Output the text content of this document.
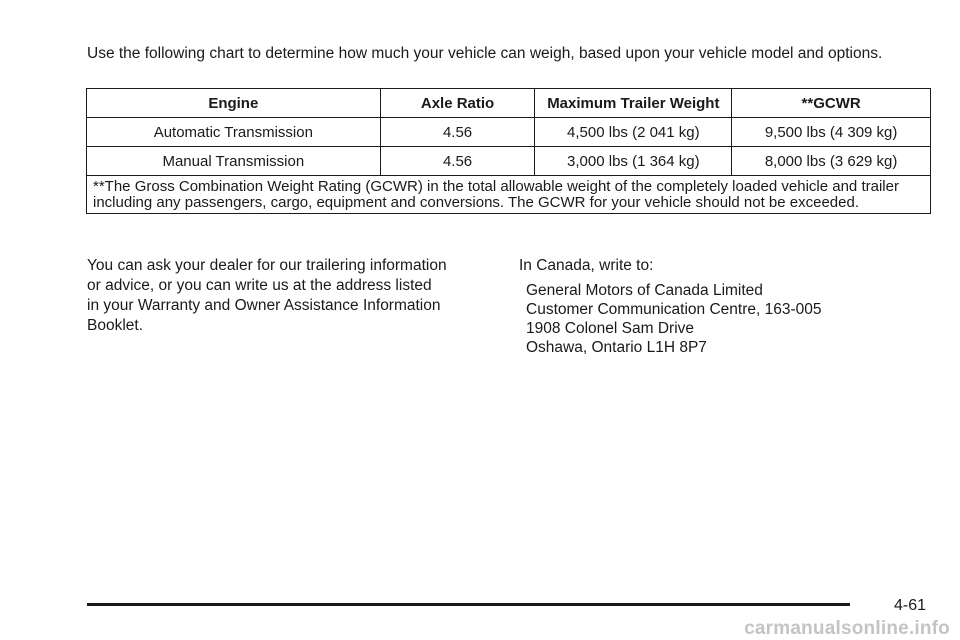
Use the following chart to determine how much your vehicle can weigh, based upon your vehicle model and options.
Engine	Axle Ratio	Maximum Trailer Weight	**GCWR
Automatic Transmission	4.56	4,500 lbs (2 041 kg)	9,500 lbs (4 309 kg)
Manual Transmission	4.56	3,000 lbs (1 364 kg)	8,000 lbs (3 629 kg)
**The Gross Combination Weight Rating (GCWR) in the total allowable weight of the completely loaded vehicle and trailer including any passengers, cargo, equipment and conversions. The GCWR for your vehicle should not be exceeded.			
You can ask your dealer for our trailering information
or advice, or you can write us at the address listed
in your Warranty and Owner Assistance Information
Booklet.
In Canada, write to:
General Motors of Canada Limited
Customer Communication Centre, 163-005
1908 Colonel Sam Drive
Oshawa, Ontario L1H 8P7
4-61
carmanualsonline.info
